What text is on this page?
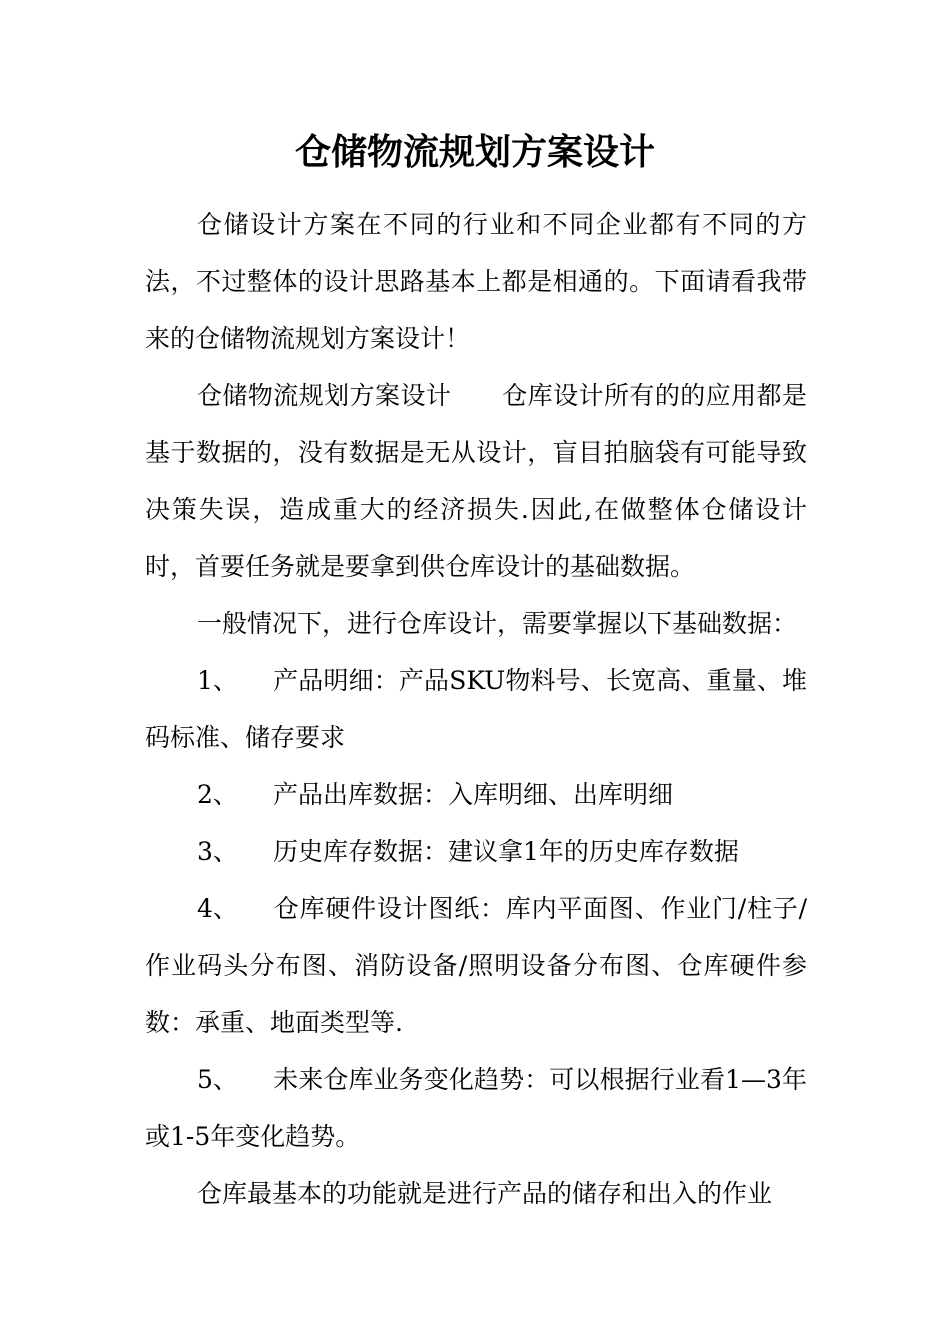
仓储物流规划方案设计

仓储设计方案在不同的行业和不同企业都有不同的方法，不过整体的设计思路基本上都是相通的。下面请看我带来的仓储物流规划方案设计！

仓储物流规划方案设计　　仓库设计所有的的应用都是基于数据的，没有数据是无从设计，盲目拍脑袋有可能导致决策失误，造成重大的经济损失.因此,在做整体仓储设计时，首要任务就是要拿到供仓库设计的基础数据。

一般情况下，进行仓库设计，需要掌握以下基础数据：

1、 产品明细：产品SKU物料号、长宽高、重量、堆码标准、储存要求

2、 产品出库数据：入库明细、出库明细

3、 历史库存数据：建议拿1年的历史库存数据

4、 仓库硬件设计图纸：库内平面图、作业门/柱子/作业码头分布图、消防设备/照明设备分布图、仓库硬件参数：承重、地面类型等.

5、 未来仓库业务变化趋势：可以根据行业看1—3年或1-5年变化趋势。

仓库最基本的功能就是进行产品的储存和出入的作业
